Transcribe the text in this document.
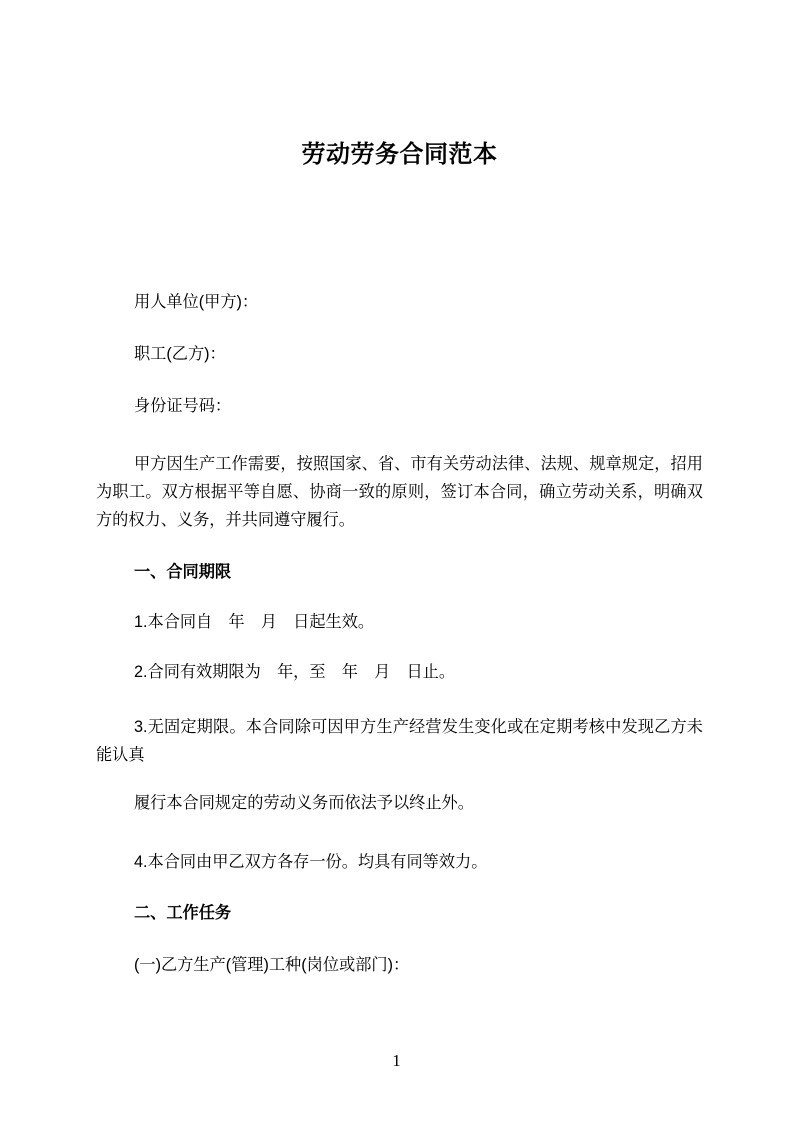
劳动劳务合同范本

用人单位(甲方)：

职工(乙方)：

身份证号码：

甲方因生产工作需要，按照国家、省、市有关劳动法律、法规、规章规定，招用为职工。双方根据平等自愿、协商一致的原则，签订本合同，确立劳动关系，明确双方的权力、义务，并共同遵守履行。

一、合同期限

1.本合同自　年　月　日起生效。

2.合同有效期限为　年，至　年　月　日止。

3.无固定期限。本合同除可因甲方生产经营发生变化或在定期考核中发现乙方未能认真

履行本合同规定的劳动义务而依法予以终止外。

4.本合同由甲乙双方各存一份。均具有同等效力。

二、工作任务

(一)乙方生产(管理)工种(岗位或部门)：

1
